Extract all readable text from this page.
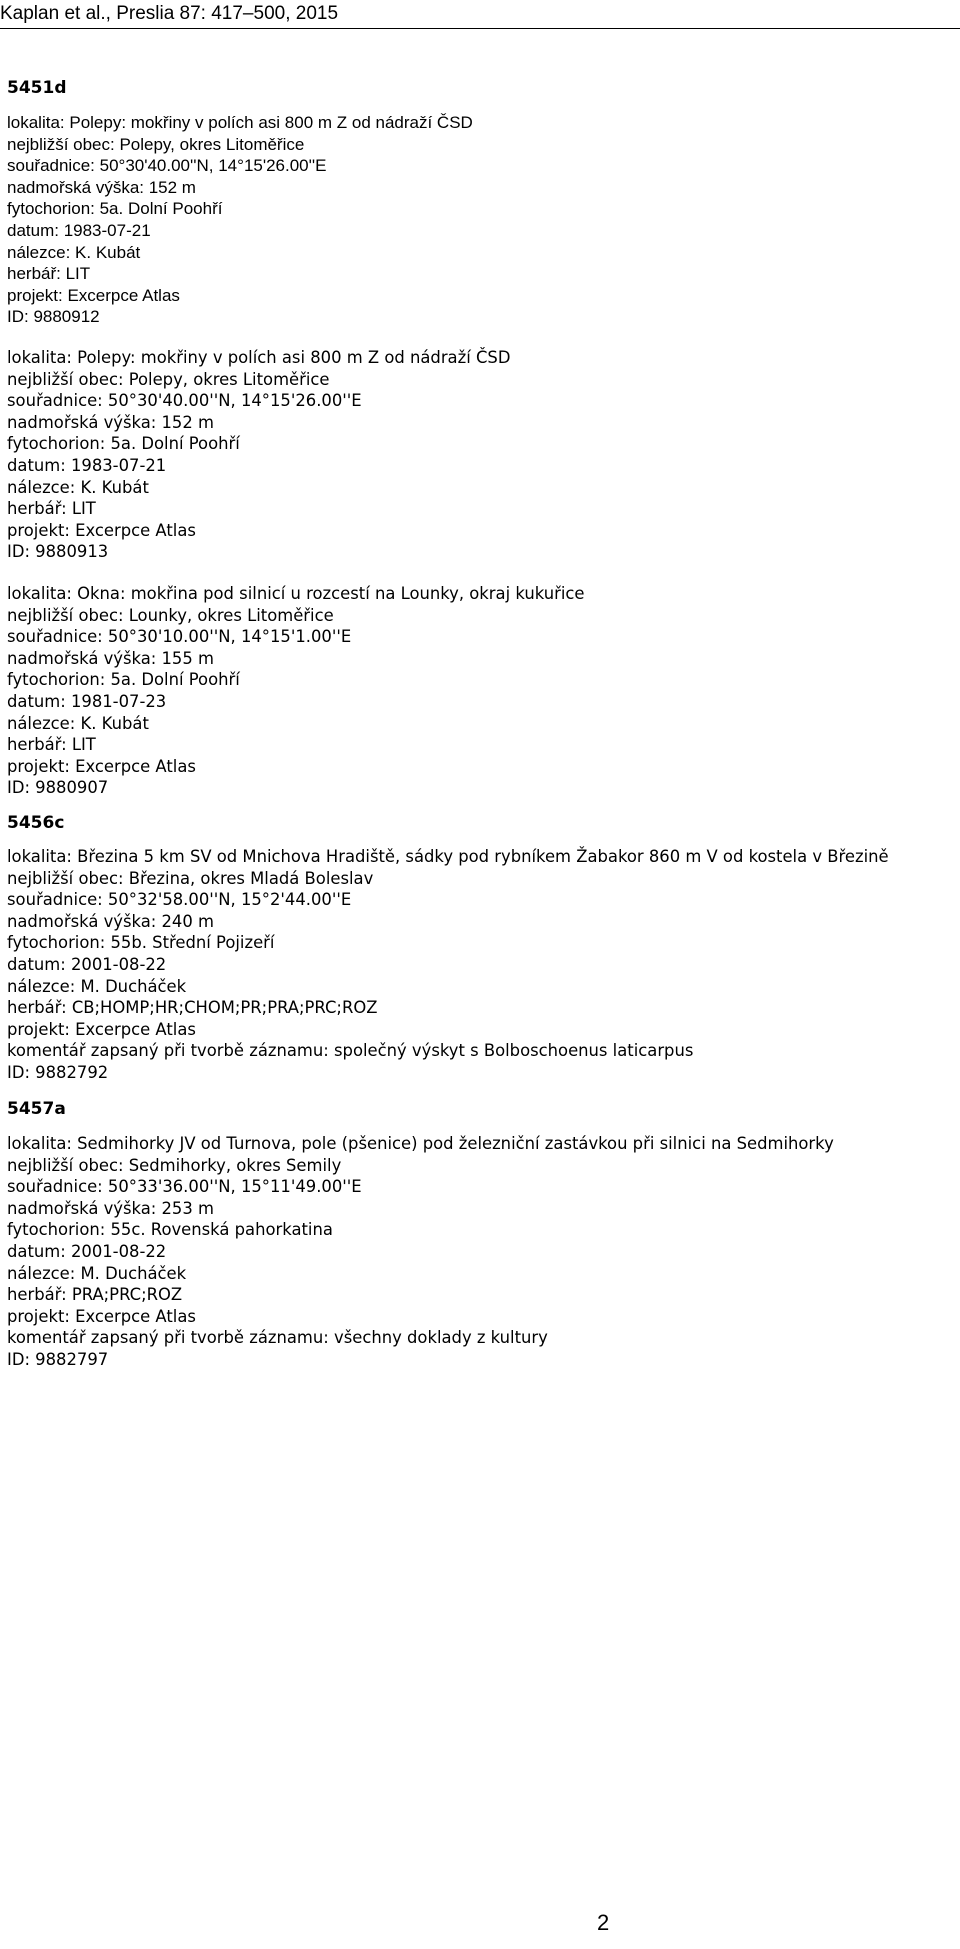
Kaplan et al., Preslia 87: 417–500, 2015
5451d
lokalita: Polepy: mokřiny v polích asi 800 m Z od nádraží ČSD
nejbližší obec: Polepy, okres Litoměřice
souřadnice: 50°30'40.00''N, 14°15'26.00''E
nadmořská výška: 152 m
fytochorion: 5a. Dolní Poohří
datum: 1983-07-21
nálezce: K. Kubát
herbář: LIT
projekt: Excerpce Atlas
ID: 9880912
lokalita: Polepy: mokřiny v polích asi 800 m Z od nádraží ČSD
nejbližší obec: Polepy, okres Litoměřice
souřadnice: 50°30'40.00''N, 14°15'26.00''E
nadmořská výška: 152 m
fytochorion: 5a. Dolní Poohří
datum: 1983-07-21
nálezce: K. Kubát
herbář: LIT
projekt: Excerpce Atlas
ID: 9880913
lokalita: Okna: mokřina pod silnicí u rozcestí na Lounky, okraj kukuřice
nejbližší obec: Lounky, okres Litoměřice
souřadnice: 50°30'10.00''N, 14°15'1.00''E
nadmořská výška: 155 m
fytochorion: 5a. Dolní Poohří
datum: 1981-07-23
nálezce: K. Kubát
herbář: LIT
projekt: Excerpce Atlas
ID: 9880907
5456c
lokalita: Březina 5 km SV od Mnichova Hradiště, sádky pod rybníkem Žabakor 860 m V od kostela v Březině
nejbližší obec: Březina, okres Mladá Boleslav
souřadnice: 50°32'58.00''N, 15°2'44.00''E
nadmořská výška: 240 m
fytochorion: 55b. Střední Pojizeří
datum: 2001-08-22
nálezce: M. Ducháček
herbář: CB;HOMP;HR;CHOM;PR;PRA;PRC;ROZ
projekt: Excerpce Atlas
komentář zapsaný při tvorbě záznamu: společný výskyt s Bolboschoenus laticarpus
ID: 9882792
5457a
lokalita: Sedmihorky JV od Turnova, pole (pšenice) pod železniční zastávkou při silnici na Sedmihorky
nejbližší obec: Sedmihorky, okres Semily
souřadnice: 50°33'36.00''N, 15°11'49.00''E
nadmořská výška: 253 m
fytochorion: 55c. Rovenská pahorkatina
datum: 2001-08-22
nálezce: M. Ducháček
herbář: PRA;PRC;ROZ
projekt: Excerpce Atlas
komentář zapsaný při tvorbě záznamu: všechny doklady z kultury
ID: 9882797
2
